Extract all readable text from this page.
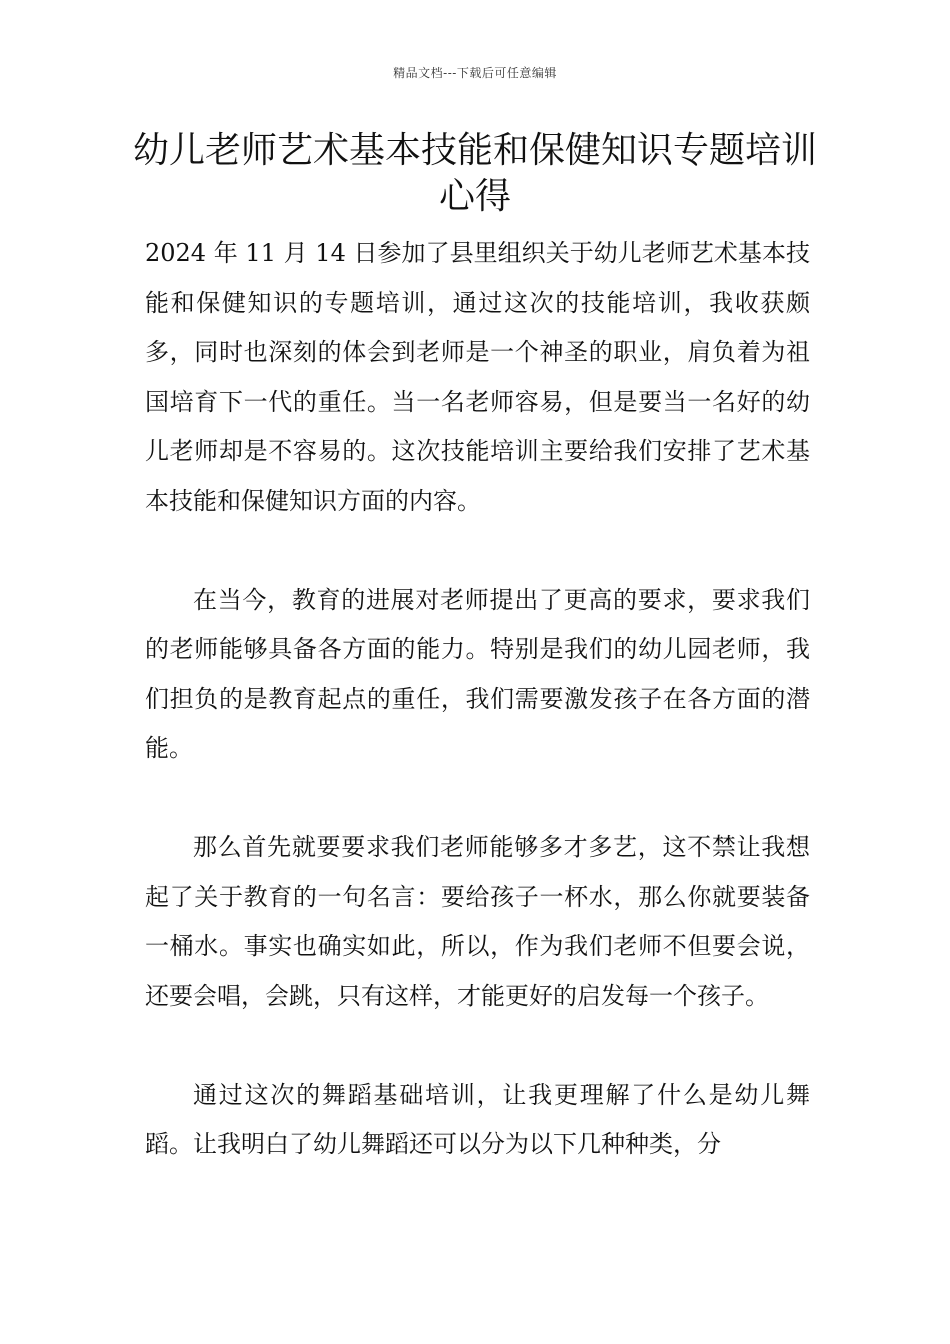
精品文档---下载后可任意编辑
幼儿老师艺术基本技能和保健知识专题培训心得

2024 年 11 月 14 日参加了县里组织关于幼儿老师艺术基本技能和保健知识的专题培训，通过这次的技能培训，我收获颇多，同时也深刻的体会到老师是一个神圣的职业，肩负着为祖国培育下一代的重任。当一名老师容易，但是要当一名好的幼儿老师却是不容易的。这次技能培训主要给我们安排了艺术基本技能和保健知识方面的内容。

在当今，教育的进展对老师提出了更高的要求，要求我们的老师能够具备各方面的能力。特别是我们的幼儿园老师，我们担负的是教育起点的重任，我们需要激发孩子在各方面的潜能。

那么首先就要要求我们老师能够多才多艺，这不禁让我想起了关于教育的一句名言：要给孩子一杯水，那么你就要装备一桶水。事实也确实如此，所以，作为我们老师不但要会说，还要会唱，会跳，只有这样，才能更好的启发每一个孩子。

通过这次的舞蹈基础培训，让我更理解了什么是幼儿舞蹈。让我明白了幼儿舞蹈还可以分为以下几种种类，分
